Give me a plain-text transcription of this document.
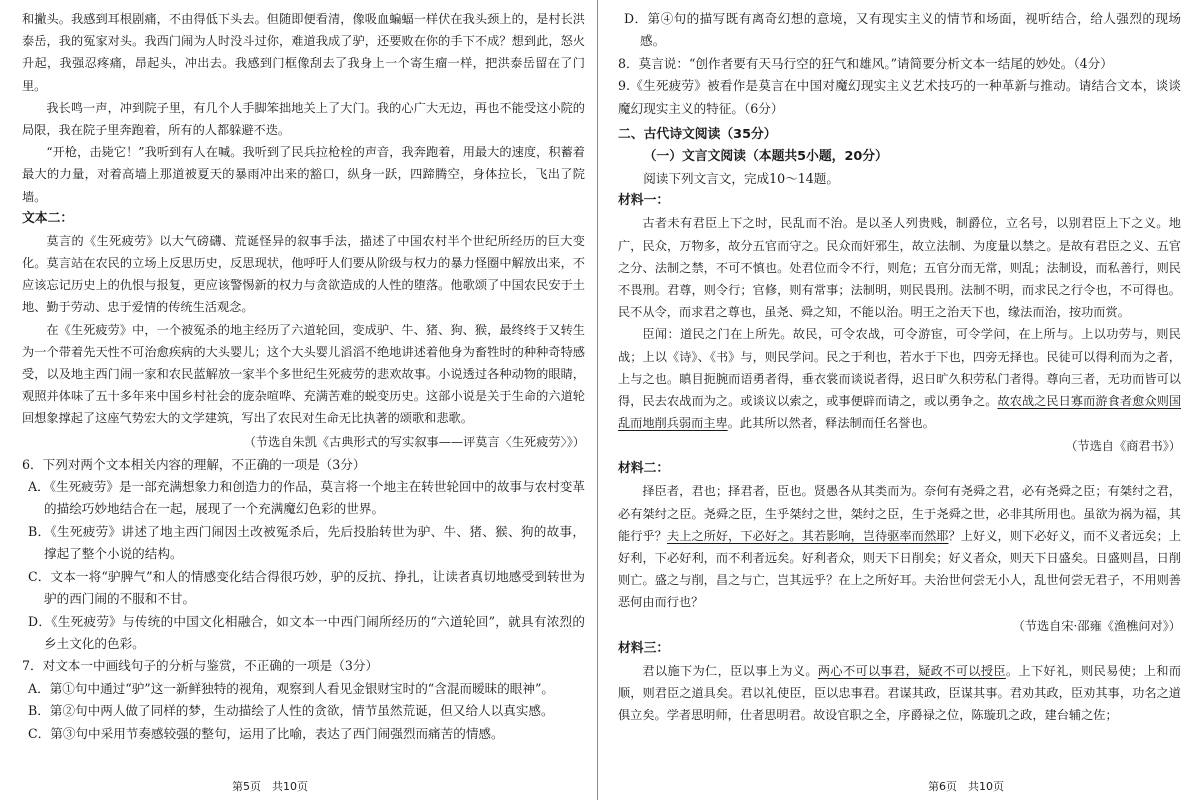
和撇头。我感到耳根剧痛，不由得低下头去。但随即便看清，像吸血蝙蝠一样伏在我头颈上的，是村长洪泰岳，我的冤家对头。我西门闹为人时没斗过你，难道我成了驴，还要败在你的手下不成？想到此，怒火升起，我强忍疼痛，昂起头，冲出去。我感到门框像刮去了我身上一个寄生瘤一样，把洪泰岳留在了门里。

我长鸣一声，冲到院子里，有几个人手脚笨拙地关上了大门。我的心广大无边，再也不能受这小院的局限，我在院子里奔跑着，所有的人都躲避不迭。

“开枪，击毙它！”我听到有人在喊。我听到了民兵拉枪栓的声音，我奔跑着，用最大的速度，积蓄着最大的力量，对着高墙上那道被夏天的暴雨冲出来的豁口，纵身一跃，四蹄腾空，身体拉长，飞出了院墙。

文本二：

莫言的《生死疲劳》以大气磅礴、荒诞怪异的叙事手法，描述了中国农村半个世纪所经历的巨大变化。莫言站在农民的立场上反思历史，反思现状，他呼吁人们要从阶级与权力的暴力怪圈中解放出来，不应该忘记历史上的仇恨与报复，更应该警惕新的权力与贪欲造成的人性的堕落。他歌颂了中国农民安于土地、勤于劳动、忠于爱情的传统生活观念。

在《生死疲劳》中，一个被冤杀的地主经历了六道轮回，变成驴、牛、猪、狗、猴，最终终于又转生为一个带着先天性不可治愈疾病的大头婴儿；这个大头婴儿滔滔不绝地讲述着他身为畜牲时的种种奇特感受，以及地主西门闹一家和农民蓝解放一家半个多世纪生死疲劳的悲欢故事。小说透过各种动物的眼睛，观照并体味了五十多年来中国乡村社会的庞杂喧哗、充满苦难的蜕变历史。这部小说是关于生命的六道轮回想象撑起了这座气势宏大的文学建筑，写出了农民对生命无比执著的颂歌和悲歌。

（节选自朱凯《古典形式的写实叙事——评莫言〈生死疲劳〉》）

6．下列对两个文本相关内容的理解，不正确的一项是（3分）

A．《生死疲劳》是一部充满想象力和创造力的作品，莫言将一个地主在转世轮回中的故事与农村变革的描绘巧妙地结合在一起，展现了一个充满魔幻色彩的世界。

B．《生死疲劳》讲述了地主西门闹因土改被冤杀后，先后投胎转世为驴、牛、猪、猴、狗的故事，撑起了整个小说的结构。

C．文本一将“驴脾气”和人的情感变化结合得很巧妙，驴的反抗、挣扎，让读者真切地感受到转世为驴的西门闹的不服和不甘。

D．《生死疲劳》与传统的中国文化相融合，如文本一中西门闹所经历的“六道轮回”，就具有浓烈的乡土文化的色彩。

7．对文本一中画线句子的分析与鉴赏，不正确的一项是（3分）

A．第①句中通过“驴”这一新鲜独特的视角，观察到人看见金银财宝时的“含混而暧昧的眼神”。

B．第②句中两人做了同样的梦，生动描绘了人性的贪欲，情节虽然荒诞，但又给人以真实感。

C．第③句中采用节奏感较强的整句，运用了比喻，表达了西门闹强烈而痛苦的情感。

第5页　共10页

D．第④句的描写既有离奇幻想的意境，又有现实主义的情节和场面，视听结合，给人强烈的现场感。

8．莫言说：“创作者要有天马行空的狂气和雄风。”请简要分析文本一结尾的妙处。（4分）

9.《生死疲劳》被看作是莫言在中国对魔幻现实主义艺术技巧的一种革新与推动。请结合文本，谈谈魔幻现实主义的特征。（6分）

二、古代诗文阅读（35分）

（一）文言文阅读（本题共5小题，20分）

阅读下列文言文，完成10～14题。

材料一：

古者未有君臣上下之时，民乱而不治。是以圣人列贵贱，制爵位，立名号，以别君臣上下之义。地广，民众，万物多，故分五官而守之。民众而奸邪生，故立法制、为度量以禁之。是故有君臣之义、五官之分、法制之禁，不可不慎也。处君位而令不行，则危；五官分而无常，则乱；法制设，而私善行，则民不畏刑。君尊，则令行；官修，则有常事；法制明，则民畏刑。法制不明，而求民之行令也，不可得也。民不从令，而求君之尊也，虽尧、舜之知，不能以治。明王之治天下也，缘法而治，按功而赏。

臣闻：道民之门在上所先。故民，可令农战，可令游宦，可令学问，在上所与。上以功劳与，则民战；上以《诗》、《书》与，则民学问。民之于利也，若水于下也，四旁无择也。民徒可以得利而为之者，上与之也。瞋目扼腕而语勇者得，垂衣裳而谈说者得，迟日旷久积劳私门者得。尊向三者，无功而皆可以得，民去农战而为之。或谈议以索之，或事便辟而请之，或以勇争之。故农战之民日寡而游食者愈众则国乱而地削兵弱而主卑。此其所以然者，释法制而任名誉也。

（节选自《商君书》）

材料二：

择臣者，君也；择君者，臣也。贤愚各从其类而为。奈何有尧舜之君，必有尧舜之臣；有桀纣之君，必有桀纣之臣。尧舜之臣，生乎桀纣之世，桀纣之臣，生于尧舜之世，必非其所用也。虽欲为祸为福，其能行乎？夫上之所好，下必好之。其若影响，岂待驱率而然耶？上好义，则下必好义，而不义者远矣；上好利，下必好利，而不利者远矣。好利者众，则天下日削矣；好义者众，则天下日盛矣。日盛则昌，日削则亡。盛之与削，昌之与亡，岂其远乎？在上之所好耳。夫治世何尝无小人，乱世何尝无君子，不用则善恶何由而行也？

（节选自宋·邵雍《渔樵问对》）

材料三：

君以施下为仁，臣以事上为义。两心不可以事君，疑政不可以授臣。上下好礼，则民易使；上和而顺，则君臣之道具矣。君以礼使臣，臣以忠事君。君谋其政，臣谋其事。君劝其政，臣劝其事，功名之道俱立矣。学者思明师，仕者思明君。故设官职之全，序爵禄之位，陈璇玑之政，建台辅之佐；

第6页　共10页
